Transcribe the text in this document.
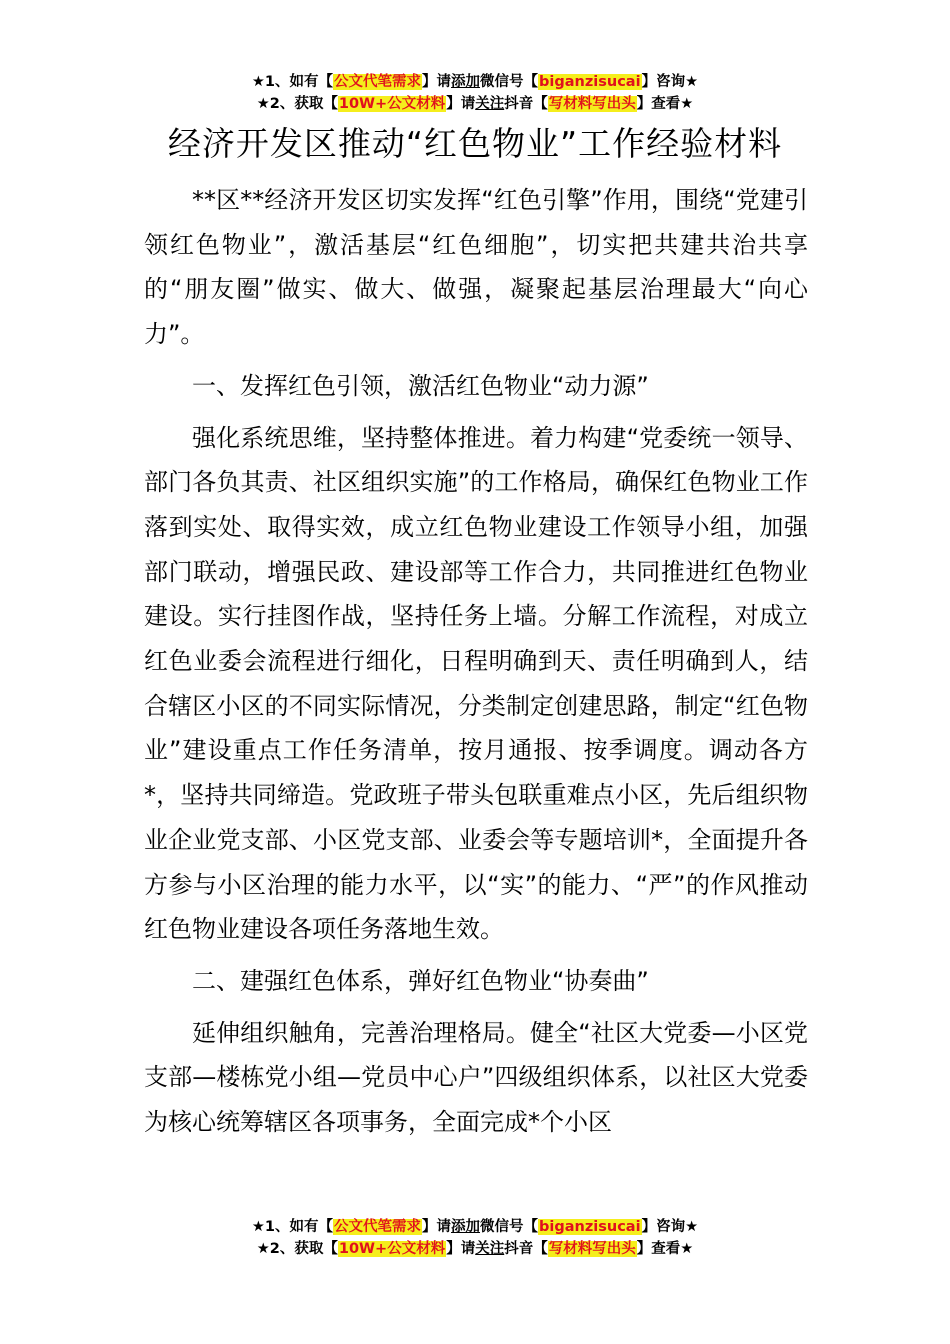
★1、如有【公文代笔需求】请添加微信号【biganzisucai】咨询★
★2、获取【10W+公文材料】请关注抖音【写材料写出头】查看★
经济开发区推动“红色物业”工作经验材料

**区**经济开发区切实发挥“红色引擎”作用，围绕“党建引领红色物业”，激活基层“红色细胞”，切实把共建共治共享的“朋友圈”做实、做大、做强，凝聚起基层治理最大“向心力”。

一、发挥红色引领，激活红色物业“动力源”

强化系统思维，坚持整体推进。着力构建“党委统一领导、部门各负其责、社区组织实施”的工作格局，确保红色物业工作落到实处、取得实效，成立红色物业建设工作领导小组，加强部门联动，增强民政、建设部等工作合力，共同推进红色物业建设。实行挂图作战，坚持任务上墙。分解工作流程，对成立红色业委会流程进行细化，日程明确到天、责任明确到人，结合辖区小区的不同实际情况，分类制定创建思路，制定“红色物业”建设重点工作任务清单，按月通报、按季调度。调动各方*，坚持共同缔造。党政班子带头包联重难点小区，先后组织物业企业党支部、小区党支部、业委会等专题培训*，全面提升各方参与小区治理的能力水平，以“实”的能力、“严”的作风推动红色物业建设各项任务落地生效。

二、建强红色体系，弹好红色物业“协奏曲”

延伸组织触角，完善治理格局。健全“社区大党委—小区党支部—楼栋党小组—党员中心户”四级组织体系，以社区大党委为核心统筹辖区各项事务，全面完成*个小区

★1、如有【公文代笔需求】请添加微信号【biganzisucai】咨询★
★2、获取【10W+公文材料】请关注抖音【写材料写出头】查看★
